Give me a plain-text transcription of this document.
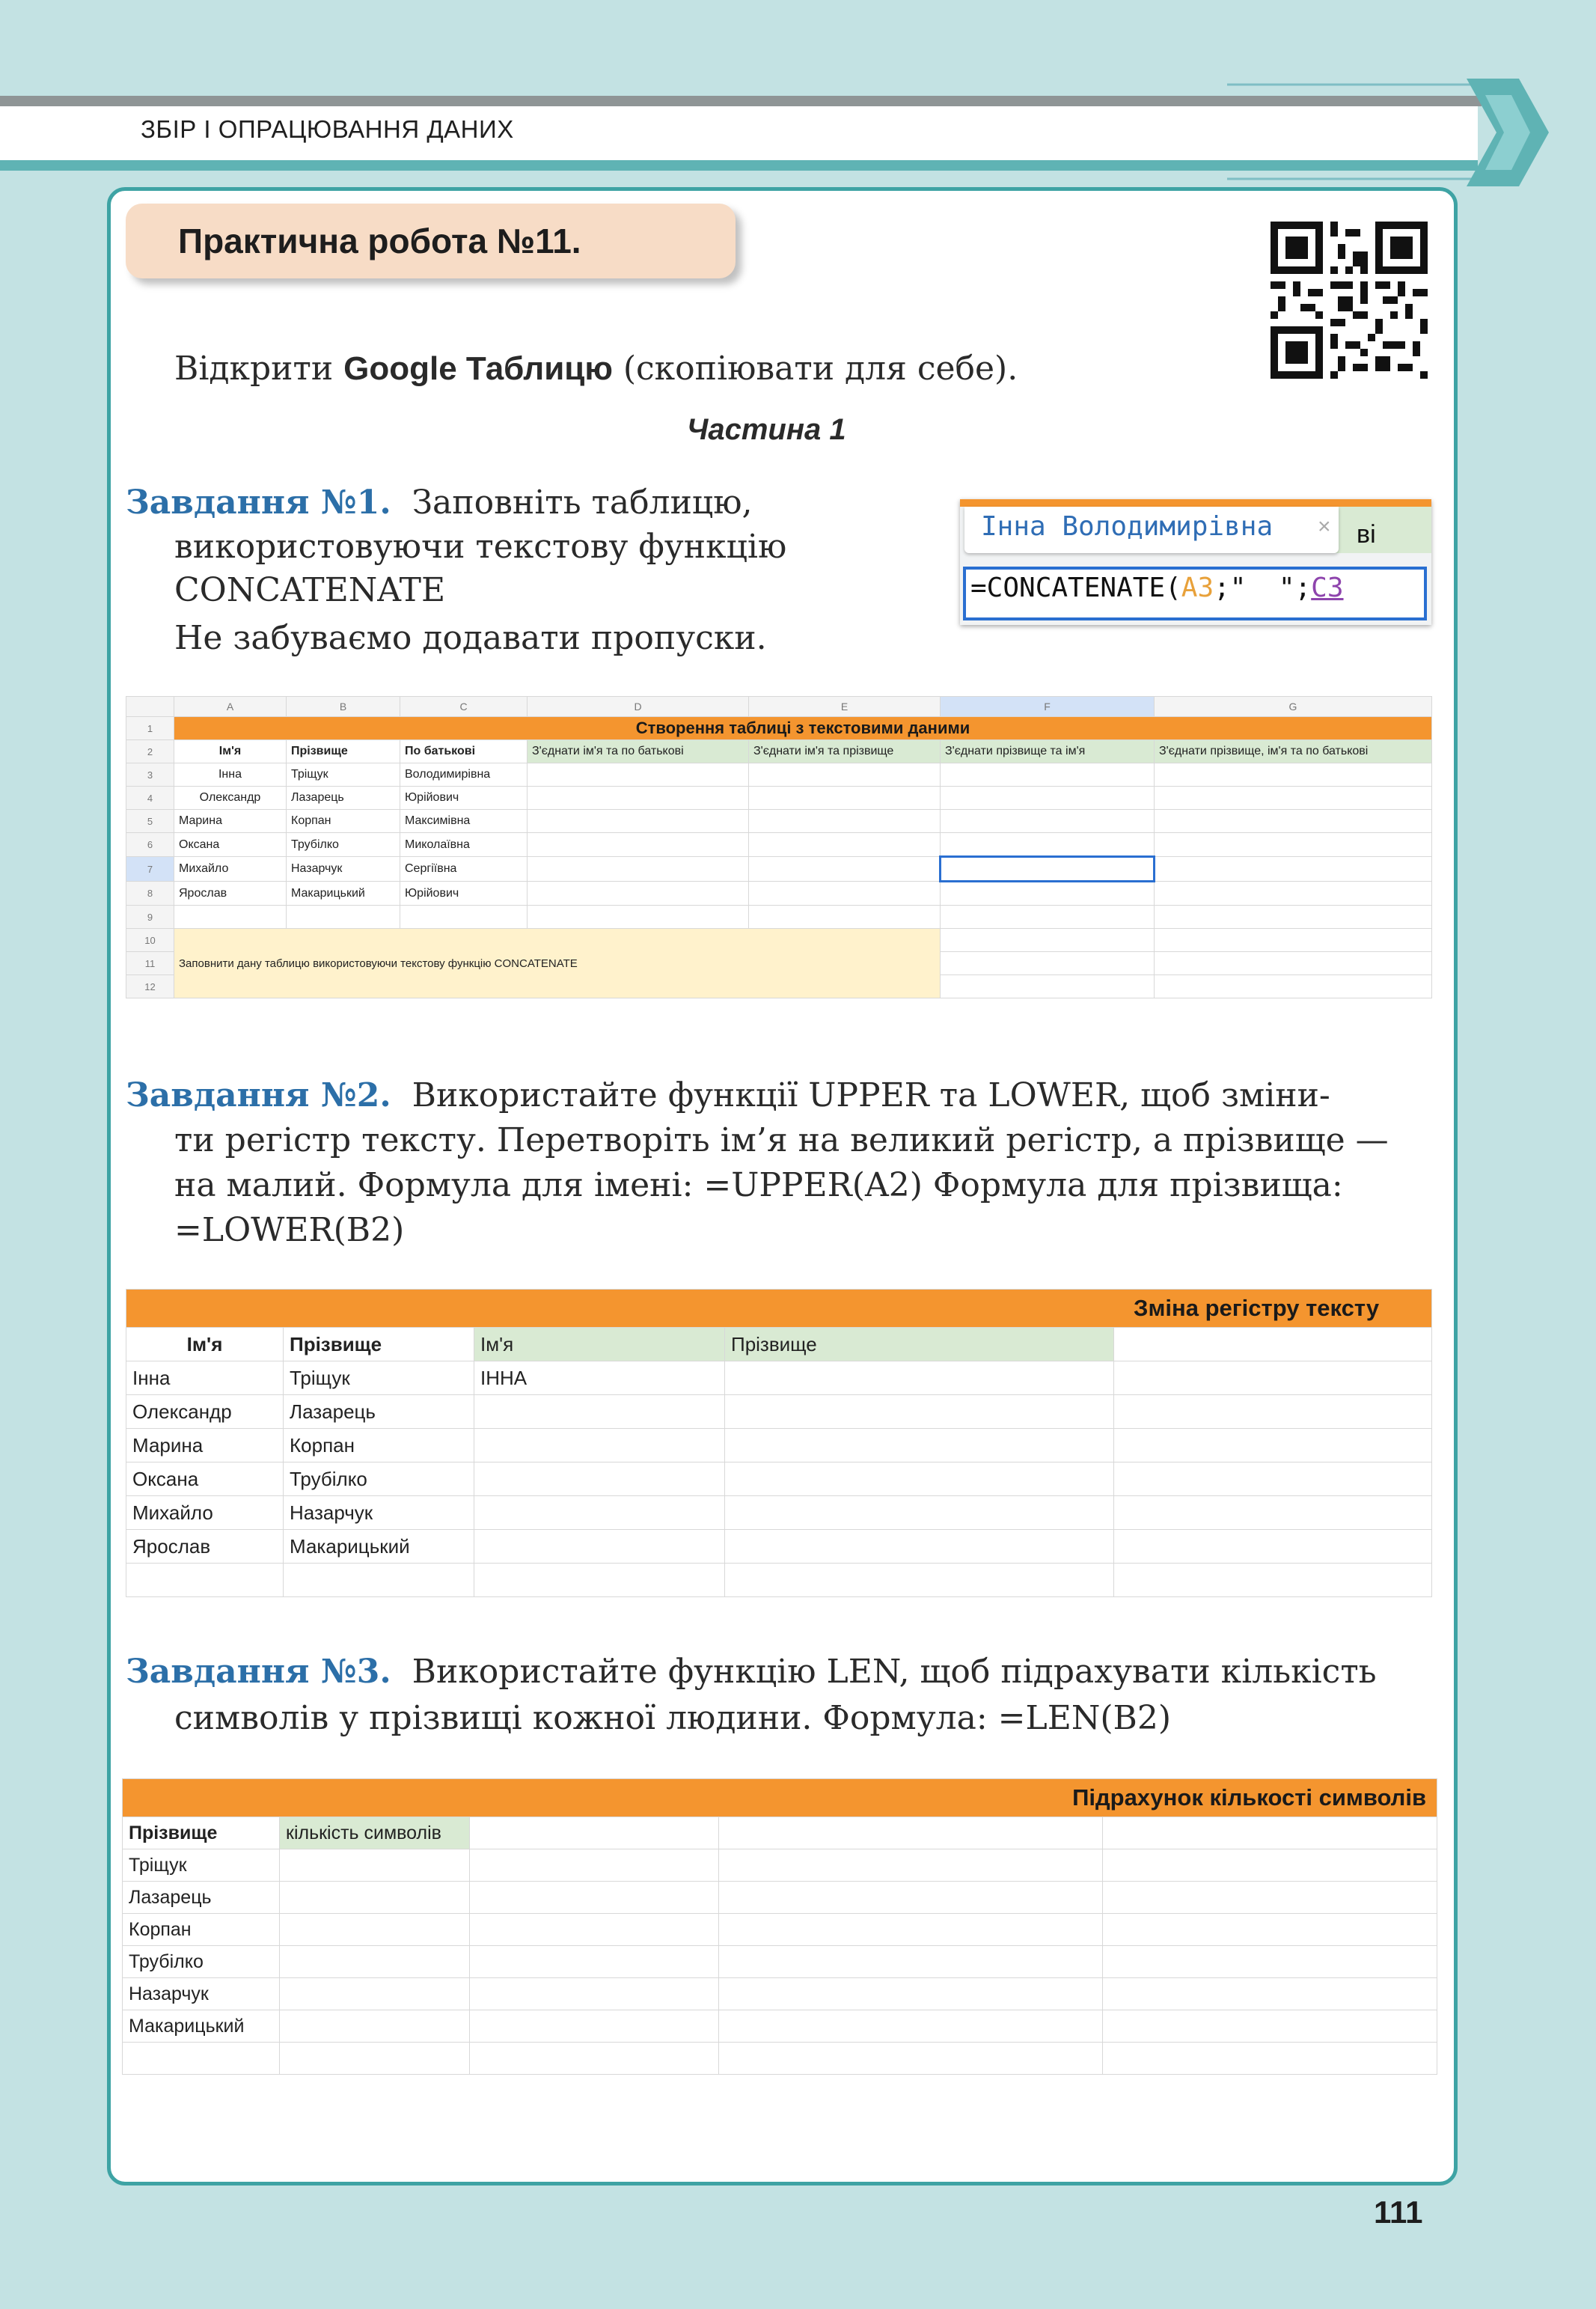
ЗБІР І ОПРАЦЮВАННЯ ДАНИХ
Практична робота №11.
Відкрити Google Таблицю (скопіювати для себе).
Частина 1
Завдання №1. Заповніть таблицю,
використовуючи текстову функцію
CONCATENATE
Не забуваємо додавати пропуски.
Інна Володимирівна × ві
=CONCATENATE(A3;"  ";C3
	A	B	C	D	E	F	G
1	Створення таблиці з текстовими даними						
2	Ім'я	Прізвище	По батькові	З'єднати ім'я та по батькові	З'єднати ім'я та прізвище	З'єднати прізвище та ім'я	З'єднати прізвище, ім'я та по батькові
3	Інна	Тріщук	Володимирівна				
4	Олександр	Лазарець	Юрійович				
5	Марина	Корпан	Максимівна				
6	Оксана	Трубілко	Миколаївна				
7	Михайло	Назарчук	Сергіївна				
8	Ярослав	Макарицький	Юрійович				
9							
10							
11	Заповнити дану таблицю використовуючи текстову функцію CONCATENATE						
12							
Завдання №2. Використайте функції UPPER та LOWER, щоб зміни-
ти регістр тексту. Перетворіть ім’я на великий регістр, а прізвище —
на малий. Формула для імені: =UPPER(A2) Формула для прізвища:
=LOWER(B2)
Зміна регістру тексту				
Ім'я	Прізвище	Ім'я	Прізвище	
Інна	Тріщук	ІННА		
Олександр	Лазарець			
Марина	Корпан			
Оксана	Трубілко			
Михайло	Назарчук			
Ярослав	Макарицький			

Завдання №3. Використайте функцію LEN, щоб підрахувати кількість
символів у прізвищі кожної людини. Формула: =LEN(B2)
Підрахунок кількості символів				
Прізвище	кількість символів			
Тріщук				
Лазарець				
Корпан				
Трубілко				
Назарчук				
Макарицький				

111
